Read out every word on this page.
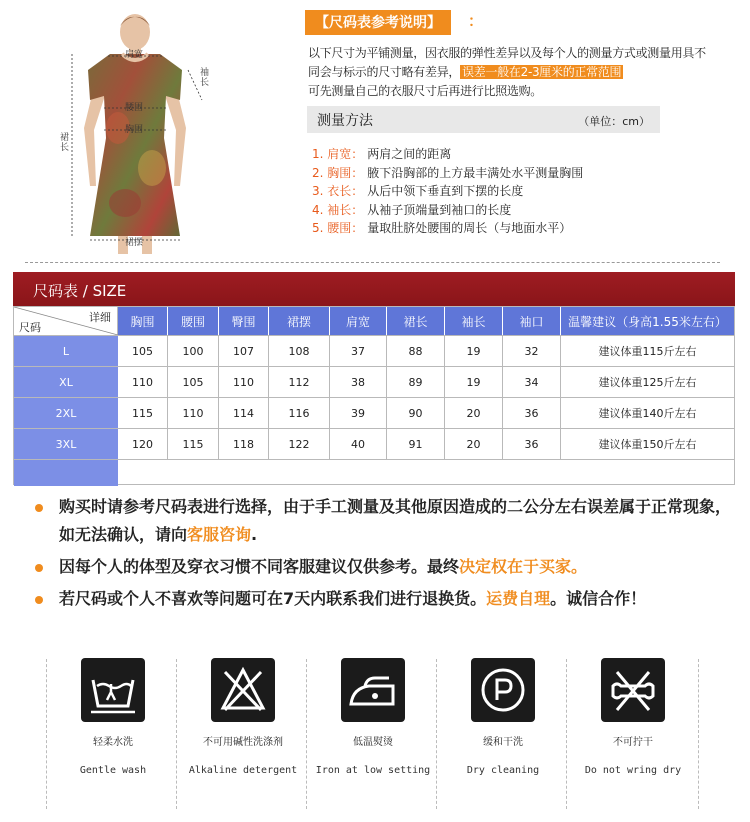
肩宽
袖长
腰围
胸围
裙长
裙摆
【尺码表参考说明】	：
以下尺寸为平铺测量，因衣服的弹性差异以及每个人的测量方式或测量用具不同会与标示的尺寸略有差异， 误差一般在2-3厘米的正常范围
可先测量自己的衣服尺寸后再进行比照选购。
测量方法	（单位：cm）
1. 肩宽： 两肩之间的距离
2. 胸围： 腋下沿胸部的上方最丰满处水平测量胸围
3. 衣长： 从后中领下垂直到下摆的长度
4. 袖长： 从袖子顶端量到袖口的长度
5. 腰围： 量取肚脐处腰围的周长（与地面水平）
尺码表 / SIZE
详细
尺码	胸围	腰围	臀围	裙摆	肩宽	裙长	袖长	袖口	温馨建议（身高1.55米左右）
L	105	100	107	108	37	88	19	32	建议体重115斤左右
XL	110	105	110	112	38	89	19	34	建议体重125斤左右
2XL	115	110	114	116	39	90	20	36	建议体重140斤左右
3XL	120	115	118	122	40	91	20	36	建议体重150斤左右
购买时请参考尺码表进行选择，由于手工测量及其他原因造成的二公分左右误差属于正常现象， 如无法确认，请向客服咨询.
因每个人的体型及穿衣习惯不同客服建议仅供参考。最终决定权在于买家。
若尺码或个人不喜欢等问题可在7天内联系我们进行退换货。运费自理。诚信合作！
轻柔水洗
Gentle wash
不可用碱性洗涤剂
Alkaline detergent
低温熨烫
Iron at low setting
缓和干洗
Dry cleaning
不可拧干
Do not wring dry
